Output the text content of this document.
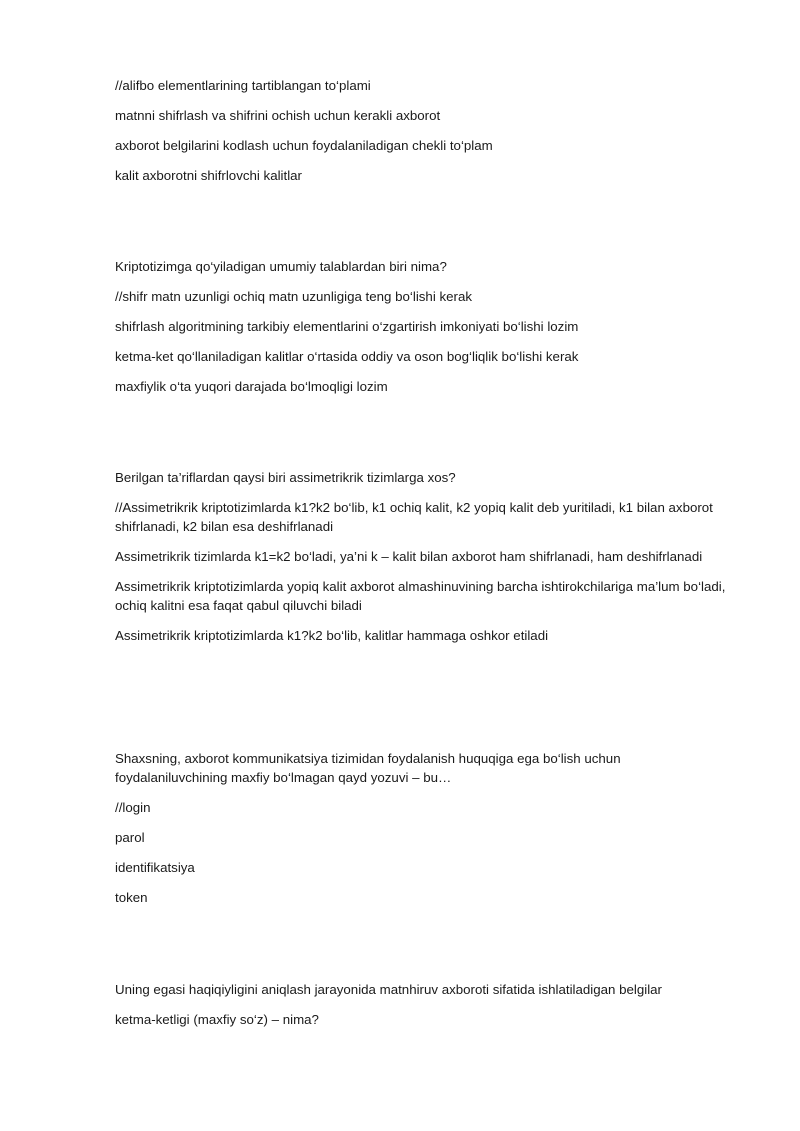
//alifbo elementlarining tartiblangan to‘plami

matnni shifrlash va shifrini ochish uchun kerakli axborot

axborot belgilarini kodlash uchun foydalaniladigan chekli to‘plam

kalit axborotni shifrlovchi kalitlar

Kriptotizimga qo‘yiladigan umumiy talablardan biri nima?

//shifr matn uzunligi ochiq matn uzunligiga teng bo‘lishi kerak

shifrlash algoritmining tarkibiy elementlarini o‘zgartirish imkoniyati bo‘lishi lozim

ketma-ket qo‘llaniladigan kalitlar o‘rtasida oddiy va oson bog‘liqlik bo‘lishi kerak

maxfiylik o‘ta yuqori darajada bo‘lmoqligi lozim

Berilgan ta’riflardan qaysi biri assimetrikrik tizimlarga xos?

//Assimetrikrik kriptotizimlarda k1?k2 bo‘lib, k1 ochiq kalit, k2 yopiq kalit deb yuritiladi, k1 bilan axborot shifrlanadi, k2 bilan esa deshifrlanadi

Assimetrikrik tizimlarda k1=k2 bo‘ladi, ya’ni k – kalit bilan axborot ham shifrlanadi, ham deshifrlanadi

Assimetrikrik kriptotizimlarda yopiq kalit axborot almashinuvining barcha ishtirokchilariga ma’lum bo‘ladi, ochiq kalitni esa faqat qabul qiluvchi biladi

Assimetrikrik kriptotizimlarda k1?k2 bo‘lib, kalitlar hammaga oshkor etiladi

Shaxsning, axborot kommunikatsiya tizimidan foydalanish huquqiga ega bo‘lish uchun foydalaniluvchining maxfiy bo‘lmagan qayd yozuvi – bu…

//login

parol

identifikatsiya

token

Uning egasi haqiqiyligini aniqlash jarayonida matnhiruv axboroti sifatida ishlatiladigan belgilar

ketma-ketligi (maxfiy so‘z) – nima?
